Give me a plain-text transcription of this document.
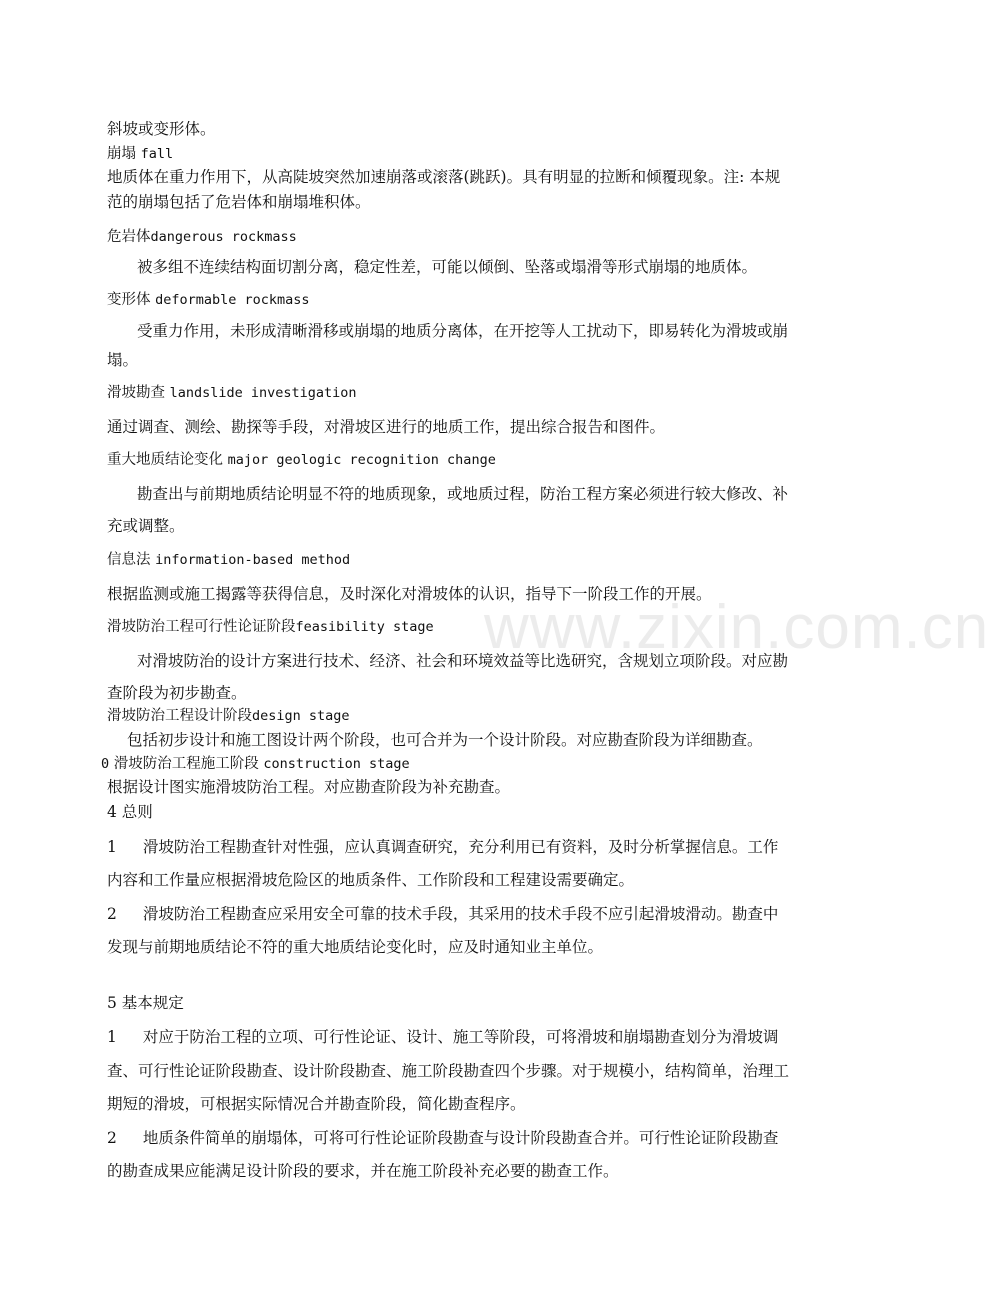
www.zixin.com.cn
斜坡或变形体。
崩塌 fall
地质体在重力作用下，从高陡坡突然加速崩落或滚落(跳跃)。具有明显的拉断和倾覆现象。注: 本规
范的崩塌包括了危岩体和崩塌堆积体。
危岩体dangerous rockmass
被多组不连续结构面切割分离，稳定性差，可能以倾倒、坠落或塌滑等形式崩塌的地质体。
变形体 deformable rockmass
受重力作用，未形成清晰滑移或崩塌的地质分离体，在开挖等人工扰动下，即易转化为滑坡或崩
塌。
滑坡勘查 landslide investigation
通过调查、测绘、勘探等手段，对滑坡区进行的地质工作，提出综合报告和图件。
重大地质结论变化 major geologic recognition change
勘查出与前期地质结论明显不符的地质现象，或地质过程，防治工程方案必须进行较大修改、补
充或调整。
信息法 information-based method
根据监测或施工揭露等获得信息，及时深化对滑坡体的认识，指导下一阶段工作的开展。
滑坡防治工程可行性论证阶段feasibility stage
对滑坡防治的设计方案进行技术、经济、社会和环境效益等比选研究，含规划立项阶段。对应勘
查阶段为初步勘查。
滑坡防治工程设计阶段design stage
包括初步设计和施工图设计两个阶段，也可合并为一个设计阶段。对应勘查阶段为详细勘查。
0 滑坡防治工程施工阶段 construction stage
根据设计图实施滑坡防治工程。对应勘查阶段为补充勘查。
4 总则
1 滑坡防治工程勘查针对性强，应认真调查研究，充分利用已有资料，及时分析掌握信息。工作
内容和工作量应根据滑坡危险区的地质条件、工作阶段和工程建设需要确定。
2 滑坡防治工程勘查应采用安全可靠的技术手段，其采用的技术手段不应引起滑坡滑动。勘查中
发现与前期地质结论不符的重大地质结论变化时，应及时通知业主单位。
5 基本规定
1 对应于防治工程的立项、可行性论证、设计、施工等阶段，可将滑坡和崩塌勘查划分为滑坡调
查、可行性论证阶段勘查、设计阶段勘查、施工阶段勘查四个步骤。对于规模小，结构简单，治理工
期短的滑坡，可根据实际情况合并勘查阶段，简化勘查程序。
2 地质条件简单的崩塌体，可将可行性论证阶段勘查与设计阶段勘查合并。可行性论证阶段勘查
的勘查成果应能满足设计阶段的要求，并在施工阶段补充必要的勘查工作。
